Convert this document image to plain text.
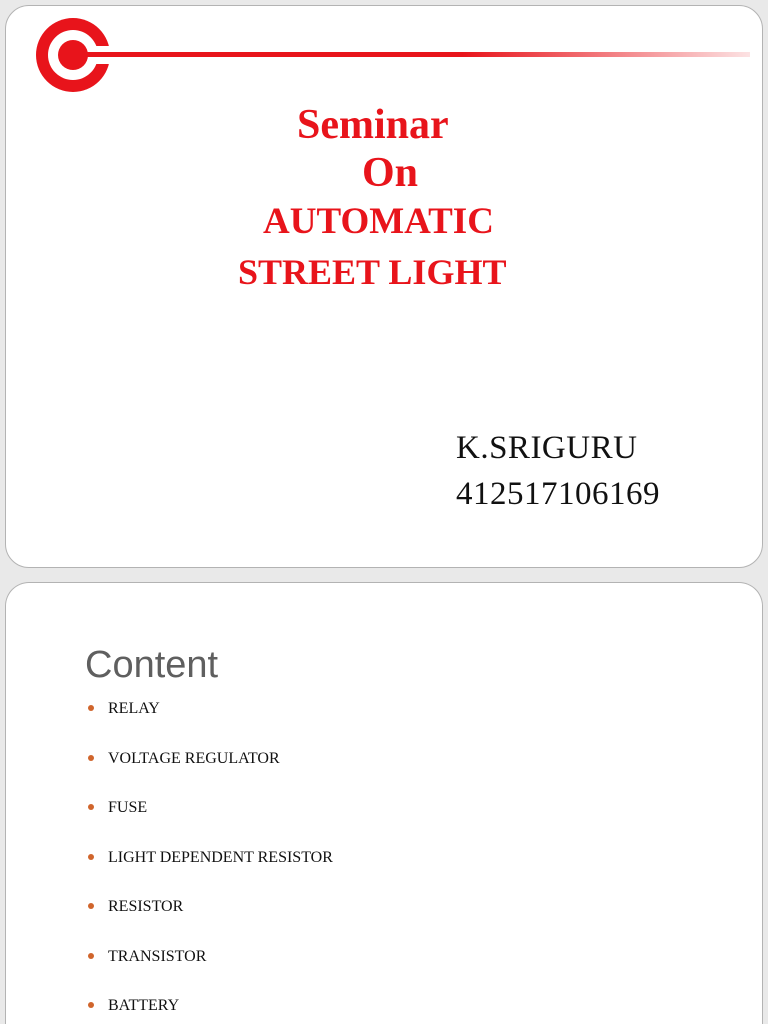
Seminar
On
AUTOMATIC
STREET LIGHT
K.SRIGURU
412517106169
Content
RELAY
VOLTAGE REGULATOR
FUSE
LIGHT DEPENDENT RESISTOR
RESISTOR
TRANSISTOR
BATTERY
